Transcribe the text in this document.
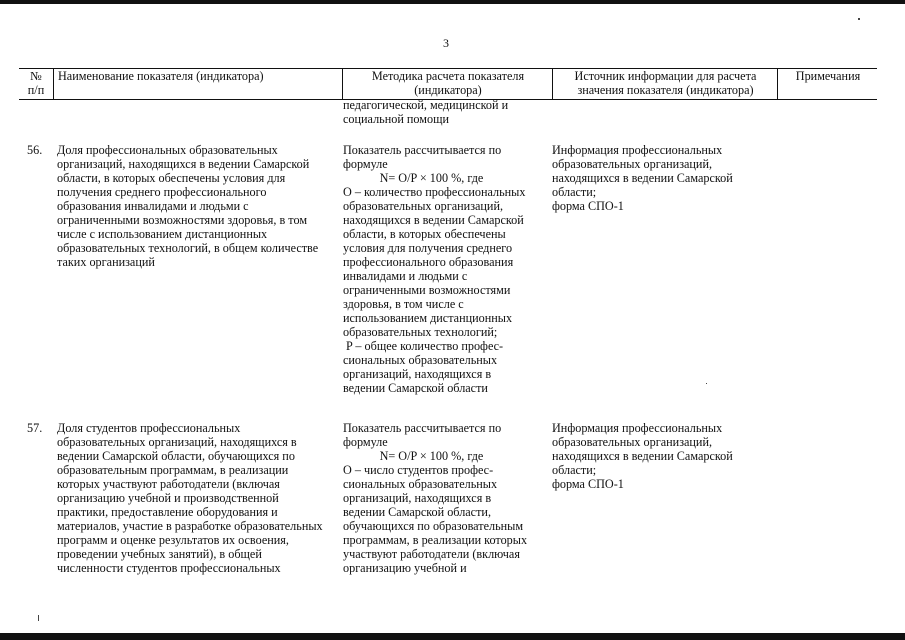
3
№
п/п
Наименование показателя (индикатора)	Методика расчета показателя
(индикатора)
Источник информации для расчета
значения показателя (индикатора)
Примечания
педагогической, медицинской и
социальной помощи
56. Доля профессиональных образовательных
организаций, находящихся в ведении Самарской
области, в которых обеспечены условия для
получения среднего профессионального
образования инвалидами и людьми с
ограниченными возможностями здоровья, в том
числе с использованием дистанционных
образовательных технологий, в общем количестве
таких организаций
Показатель рассчитывается по
формуле
N= O/P × 100 %, где
O – количество профессиональных
образовательных организаций,
находящихся в ведении Самарской
области, в которых обеспечены
условия для получения среднего
профессионального образования
инвалидами и людьми с
ограниченными возможностями
здоровья, в том числе с
использованием дистанционных
образовательных технологий;
P – общее количество профес-
сиональных образовательных
организаций, находящихся в
ведении Самарской области
Информация профессиональных
образовательных организаций,
находящихся в ведении Самарской
области;
форма СПО-1
57. Доля студентов профессиональных
образовательных организаций, находящихся в
ведении Самарской области, обучающихся по
образовательным программам, в реализации
которых участвуют работодатели (включая
организацию учебной и производственной
практики, предоставление оборудования и
материалов, участие в разработке образовательных
программ и оценке результатов их освоения,
проведении учебных занятий), в общей
численности студентов профессиональных
Показатель рассчитывается по
формуле
N= O/P × 100 %, где
O – число студентов профес-
сиональных образовательных
организаций, находящихся в
ведении Самарской области,
обучающихся по образовательным
программам, в реализации которых
участвуют работодатели (включая
организацию учебной и
Информация профессиональных
образовательных организаций,
находящихся в ведении Самарской
области;
форма СПО-1
